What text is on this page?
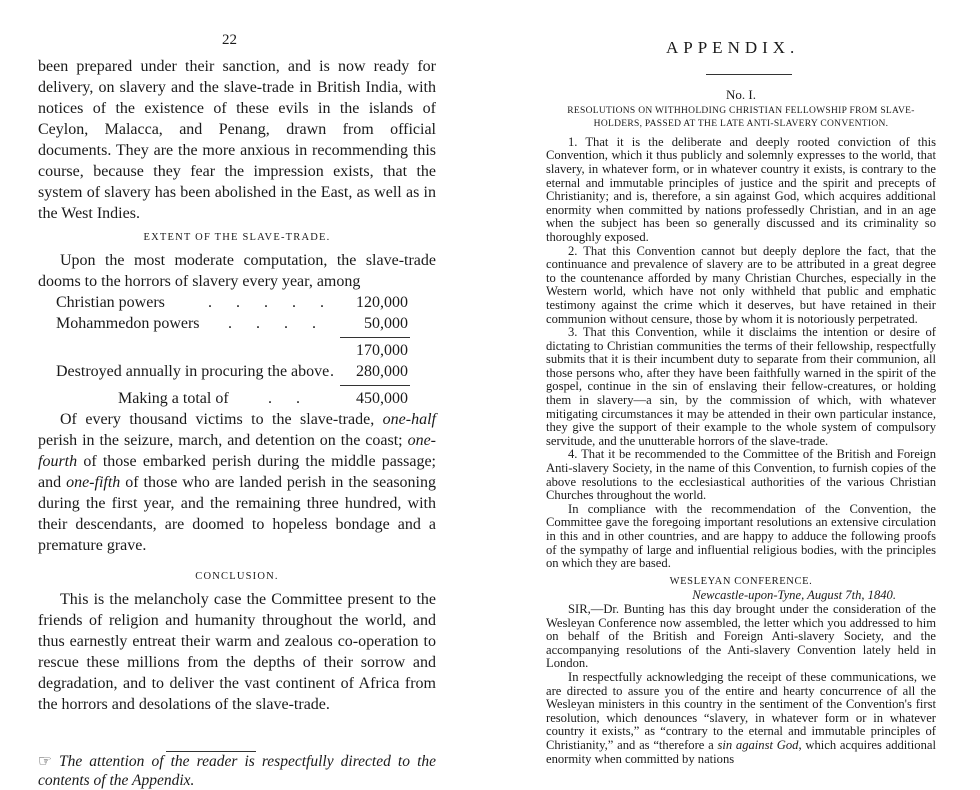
22

been prepared under their sanction, and is now ready for delivery, on slavery and the slave-trade in British India, with notices of the existence of these evils in the islands of Ceylon, Malacca, and Penang, drawn from official documents. They are the more anxious in recommending this course, because they fear the impression exists, that the system of slavery has been abolished in the East, as well as in the West Indies.

EXTENT OF THE SLAVE-TRADE.

Upon the most moderate computation, the slave-trade dooms to the horrors of slavery every year, among

Christian powers	. . . . . 120,000
Mohammedon powers . . . . 50,000
170,000
Destroyed annually in procuring the above . 280,000
Making a total of . .	450,000

Of every thousand victims to the slave-trade, one-half perish in the seizure, march, and detention on the coast; one-fourth of those embarked perish during the middle passage; and one-fifth of those who are landed perish in the seasoning during the first year, and the remaining three hundred, with their descendants, are doomed to hopeless bondage and a premature grave.

CONCLUSION.

This is the melancholy case the Committee present to the friends of religion and humanity throughout the world, and thus earnestly entreat their warm and zealous co-operation to rescue these millions from the depths of their sorrow and degradation, and to deliver the vast continent of Africa from the horrors and desolations of the slave-trade.

☞ The attention of the reader is respectfully directed to the contents of the Appendix.

APPENDIX.
No. I.
RESOLUTIONS ON WITHHOLDING CHRISTIAN FELLOWSHIP FROM SLAVE-HOLDERS, PASSED AT THE LATE ANTI-SLAVERY CONVENTION.

1. That it is the deliberate and deeply rooted conviction of this Convention, which it thus publicly and solemnly expresses to the world, that slavery, in whatever form, or in whatever country it exists, is contrary to the eternal and immutable principles of justice and the spirit and precepts of Christianity; and is, therefore, a sin against God, which acquires additional enormity when committed by nations professedly Christian, and in an age when the subject has been so generally discussed and its criminality so thoroughly exposed.

2. That this Convention cannot but deeply deplore the fact, that the continuance and prevalence of slavery are to be attributed in a great degree to the countenance afforded by many Christian Churches, especially in the Western world, which have not only withheld that public and emphatic testimony against the crime which it deserves, but have retained in their communion without censure, those by whom it is notoriously perpetrated.

3. That this Convention, while it disclaims the intention or desire of dictating to Christian communities the terms of their fellowship, respectfully submits that it is their incumbent duty to separate from their communion, all those persons who, after they have been faithfully warned in the spirit of the gospel, continue in the sin of enslaving their fellow-creatures, or holding them in slavery—a sin, by the commission of which, with whatever mitigating circumstances it may be attended in their own particular instance, they give the support of their example to the whole system of compulsory servitude, and the unutterable horrors of the slave-trade.

4. That it be recommended to the Committee of the British and Foreign Anti-slavery Society, in the name of this Convention, to furnish copies of the above resolutions to the ecclesiastical authorities of the various Christian Churches throughout the world.

In compliance with the recommendation of the Convention, the Committee gave the foregoing important resolutions an extensive circulation in this and in other countries, and are happy to adduce the following proofs of the sympathy of large and influential religious bodies, with the principles on which they are based.

WESLEYAN CONFERENCE.
Newcastle-upon-Tyne, August 7th, 1840.

SIR,—Dr. Bunting has this day brought under the consideration of the Wesleyan Conference now assembled, the letter which you addressed to him on behalf of the British and Foreign Anti-slavery Society, and the accompanying resolutions of the Anti-slavery Convention lately held in London.

In respectfully acknowledging the receipt of these communications, we are directed to assure you of the entire and hearty concurrence of all the Wesleyan ministers in this country in the sentiment of the Convention's first resolution, which denounces “slavery, in whatever form or in whatever country it exists,” as “contrary to the eternal and immutable principles of Christianity,” and as “therefore a sin against God, which acquires additional enormity when committed by nations
